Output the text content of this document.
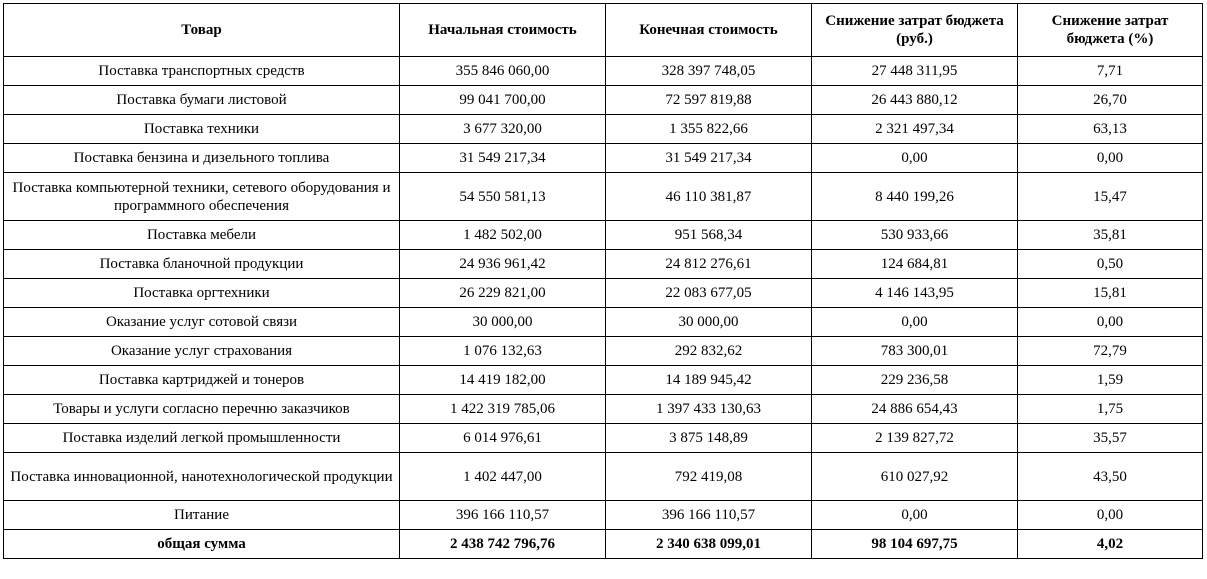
Товар	Начальная стоимость	Конечная стоимость	Снижение затрат бюджета (руб.)	Снижение затрат бюджета (%)
Поставка транспортных средств	355 846 060,00	328 397 748,05	27 448 311,95	7,71
Поставка бумаги листовой	99 041 700,00	72 597 819,88	26 443 880,12	26,70
Поставка техники	3 677 320,00	1 355 822,66	2 321 497,34	63,13
Поставка бензина и дизельного топлива	31 549 217,34	31 549 217,34	0,00	0,00
Поставка компьютерной техники, сетевого оборудования и программного обеспечения	54 550 581,13	46 110 381,87	8 440 199,26	15,47
Поставка мебели	1 482 502,00	951 568,34	530 933,66	35,81
Поставка бланочной продукции	24 936 961,42	24 812 276,61	124 684,81	0,50
Поставка оргтехники	26 229 821,00	22 083 677,05	4 146 143,95	15,81
Оказание услуг сотовой связи	30 000,00	30 000,00	0,00	0,00
Оказание услуг страхования	1 076 132,63	292 832,62	783 300,01	72,79
Поставка картриджей и тонеров	14 419 182,00	14 189 945,42	229 236,58	1,59
Товары и услуги согласно перечню заказчиков	1 422 319 785,06	1 397 433 130,63	24 886 654,43	1,75
Поставка изделий легкой промышленности	6 014 976,61	3 875 148,89	2 139 827,72	35,57
Поставка инновационной, нанотехнологической продукции	1 402 447,00	792 419,08	610 027,92	43,50
Питание	396 166 110,57	396 166 110,57	0,00	0,00
общая сумма	2 438 742 796,76	2 340 638 099,01	98 104 697,75	4,02
